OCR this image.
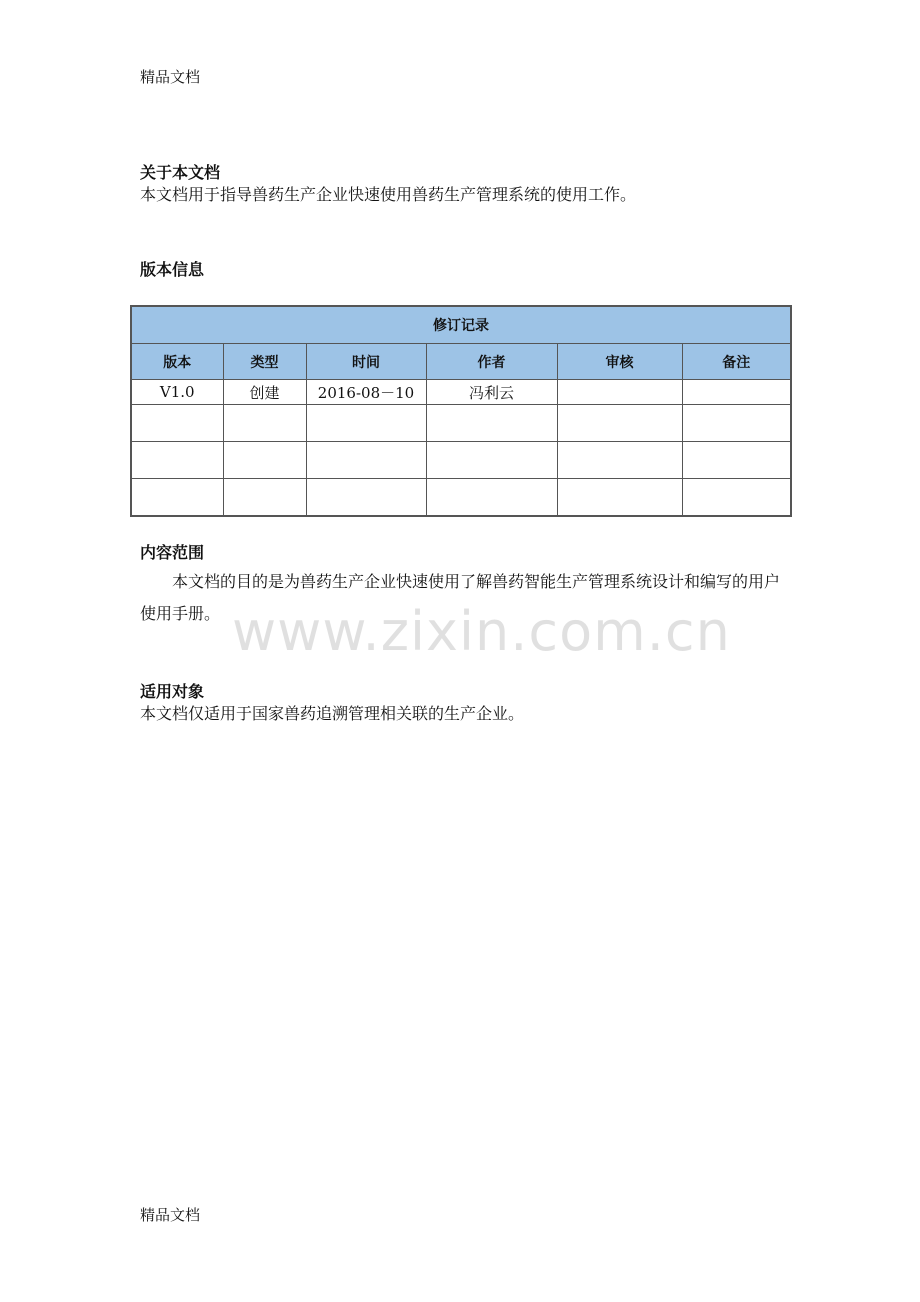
精品文档
关于本文档
本文档用于指导兽药生产企业快速使用兽药生产管理系统的使用工作。
版本信息
修订记录					
版本	类型	时间	作者	审核	备注
V1.0	创建	2016-08－10	冯利云		

内容范围
本文档的目的是为兽药生产企业快速使用了解兽药智能生产管理系统设计和编写的用户使用手册。 www.zixin.com.cn
适用对象
本文档仅适用于国家兽药追溯管理相关联的生产企业。
精品文档
